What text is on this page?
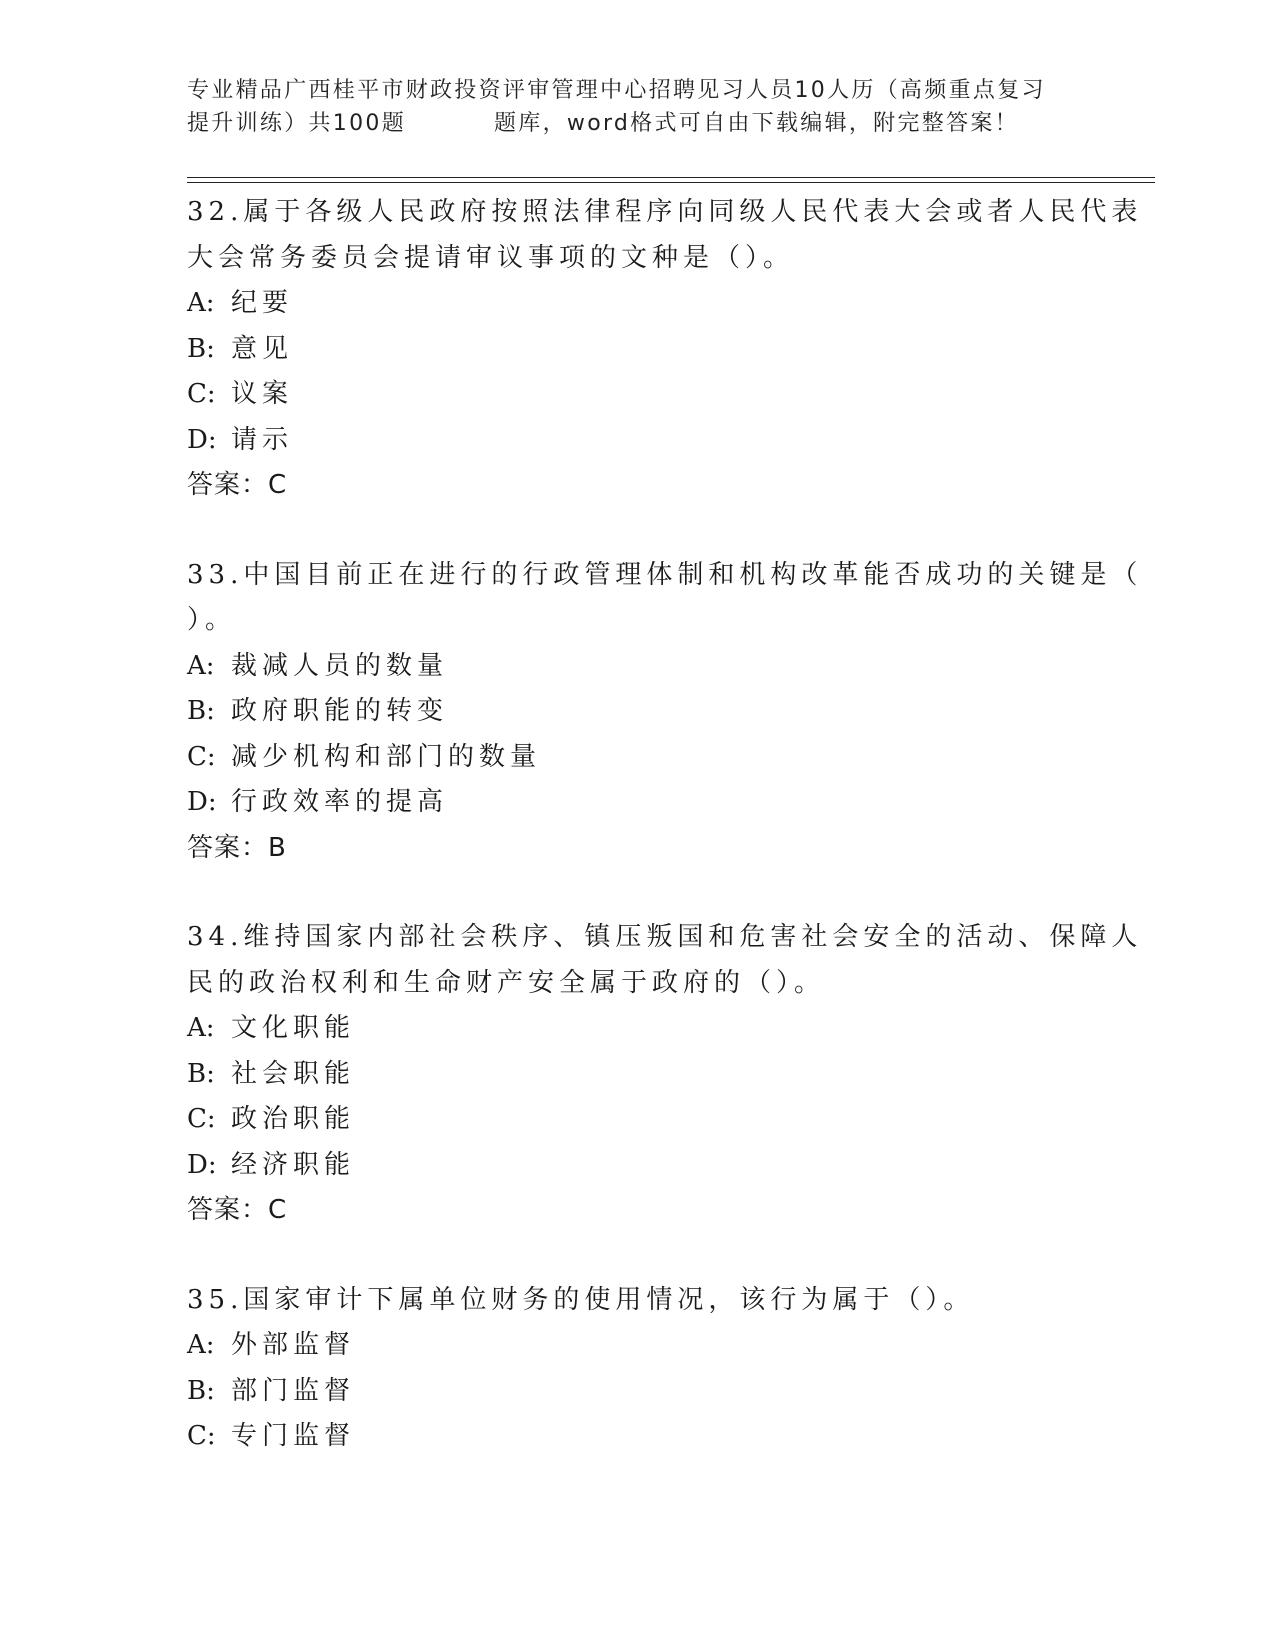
专业精品广西桂平市财政投资评审管理中心招聘见习人员10人历（高频重点复习
提升训练）共100题	题库，word格式可自由下载编辑，附完整答案！
32.属于各级人民政府按照法律程序向同级人民代表大会或者人民代表
大会常务委员会提请审议事项的文种是（）。
A: 纪要
B: 意见
C: 议案
D: 请示
答案：C
33.中国目前正在进行的行政管理体制和机构改革能否成功的关键是（
）。
A: 裁减人员的数量
B: 政府职能的转变
C: 减少机构和部门的数量
D: 行政效率的提高
答案：B
34.维持国家内部社会秩序、镇压叛国和危害社会安全的活动、保障人
民的政治权利和生命财产安全属于政府的（）。
A: 文化职能
B: 社会职能
C: 政治职能
D: 经济职能
答案：C
35.国家审计下属单位财务的使用情况，该行为属于（）。
A: 外部监督
B: 部门监督
C: 专门监督
